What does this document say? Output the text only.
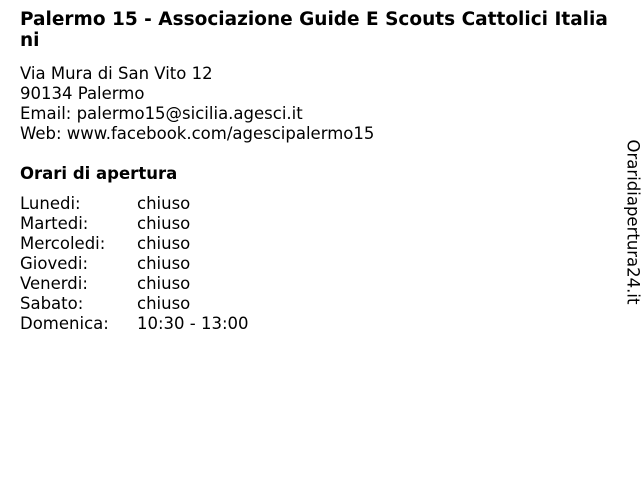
Palermo 15 - Associazione Guide E Scouts Cattolici Italiani
Via Mura di San Vito 12
90134 Palermo
Email: palermo15@sicilia.agesci.it
Web: www.facebook.com/agescipalermo15
Orari di apertura
Lunedi:	chiuso
Martedi:	chiuso
Mercoledi:	chiuso
Giovedi:	chiuso
Venerdi:	chiuso
Sabato:	chiuso
Domenica:	10:30 - 13:00
Oraridiapertura24.it
